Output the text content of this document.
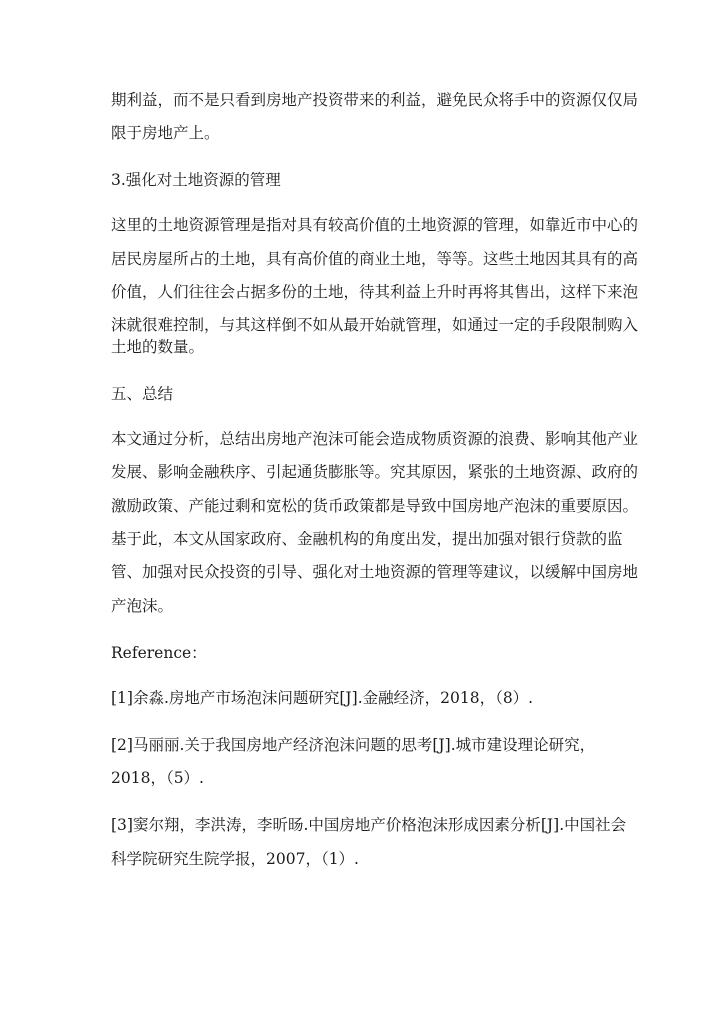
期利益，而不是只看到房地产投资带来的利益，避免民众将手中的资源仅仅局
限于房地产上。
3.强化对土地资源的管理
这里的土地资源管理是指对具有较高价值的土地资源的管理，如靠近市中心的
居民房屋所占的土地，具有高价值的商业土地，等等。这些土地因其具有的高
价值，人们往往会占据多份的土地，待其利益上升时再将其售出，这样下来泡
沫就很难控制，与其这样倒不如从最开始就管理，如通过一定的手段限制购入
土地的数量。
五、总结
本文通过分析，总结出房地产泡沫可能会造成物质资源的浪费、影响其他产业
发展、影响金融秩序、引起通货膨胀等。究其原因，紧张的土地资源、政府的
激励政策、产能过剩和宽松的货币政策都是导致中国房地产泡沫的重要原因。
基于此，本文从国家政府、金融机构的角度出发，提出加强对银行贷款的监
管、加强对民众投资的引导、强化对土地资源的管理等建议，以缓解中国房地
产泡沫。
Reference：
[1]余淼.房地产市场泡沫问题研究[J].金融经济，2018，（8）.
[2]马丽丽.关于我国房地产经济泡沫问题的思考[J].城市建设理论研究，
2018，（5）.
[3]窦尔翔，李洪涛，李昕旸.中国房地产价格泡沫形成因素分析[J].中国社会
科学院研究生院学报，2007，（1）.
